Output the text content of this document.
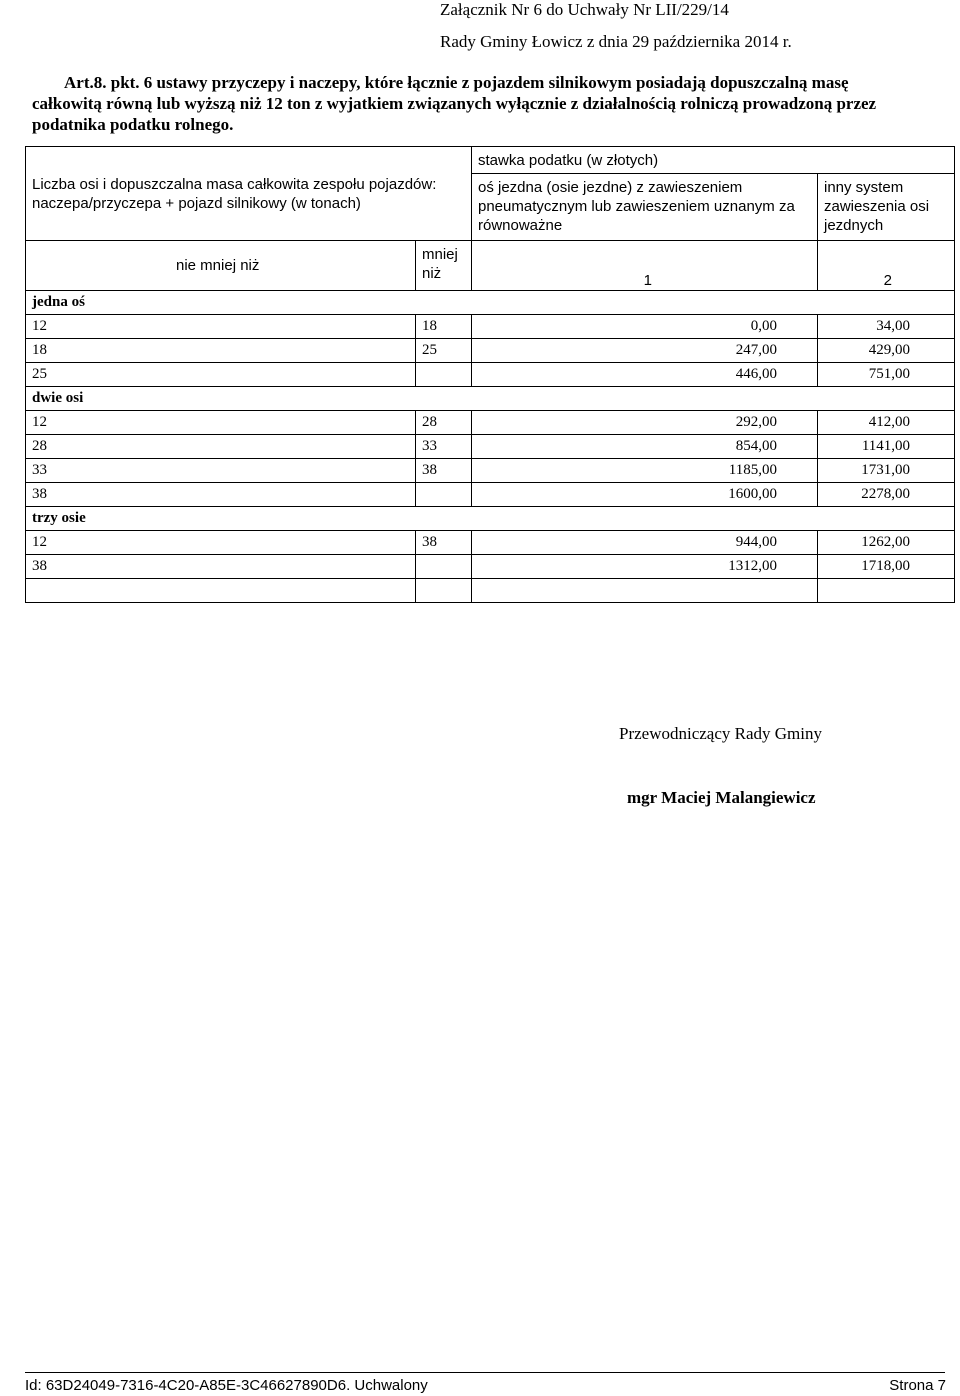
Załącznik Nr 6 do Uchwały Nr LII/229/14
Rady Gminy Łowicz z dnia 29 października 2014 r.
Art.8. pkt. 6 ustawy przyczepy i naczepy, które łącznie z pojazdem silnikowym posiadają dopuszczalną masę
całkowitą równą lub wyższą niż 12 ton z wyjatkiem związanych wyłącznie z działalnością rolniczą prowadzoną przez
podatnika podatku rolnego.
Liczba osi i dopuszczalna masa całkowita zespołu pojazdów: naczepa/przyczepa + pojazd silnikowy (w tonach)		stawka podatku (w złotych)	
		oś jezdna (osie jezdne) z zawieszeniem pneumatycznym lub zawieszeniem uznanym za równoważne	inny system zawieszenia osi jezdnych
nie mniej niż	mniej niż	1	2
jedna oś			
12	18	0,00	34,00
18	25	247,00	429,00
25		446,00	751,00
dwie osi			
12	28	292,00	412,00
28	33	854,00	1141,00
33	38	1185,00	1731,00
38		1600,00	2278,00
trzy osie			
12	38	944,00	1262,00
38		1312,00	1718,00

Przewodniczący Rady Gminy
mgr Maciej Malangiewicz
Id: 63D24049-7316-4C20-A85E-3C46627890D6. Uchwalony	Strona 7
